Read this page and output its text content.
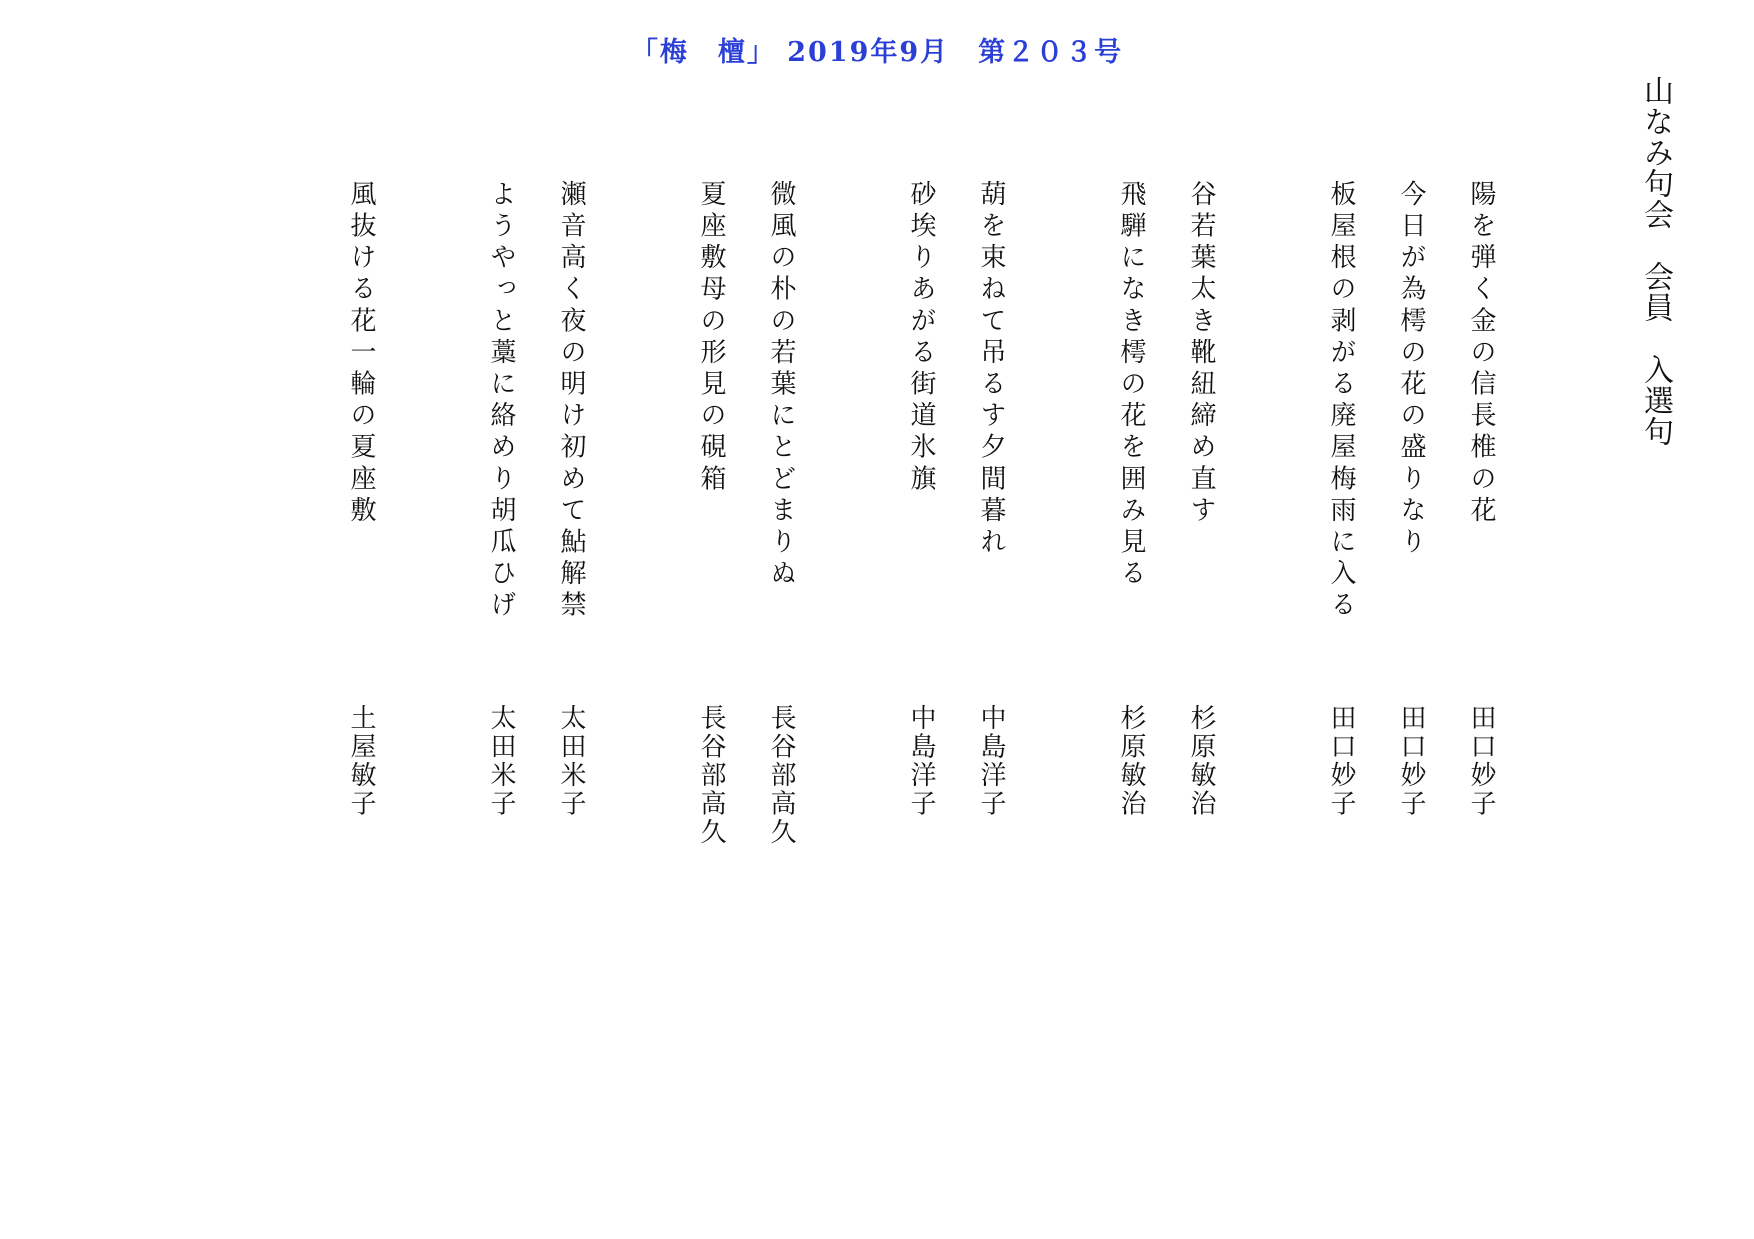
「梅　檀」 2019年9月　第２０３号
山なみ句会　会員　入選句
陽を弾く金の信長椎の花
田口妙子
今日が為樗の花の盛りなり
田口妙子
板屋根の剥がる廃屋梅雨に入る
田口妙子
谷若葉太き靴紐締め直す
杉原敏治
飛騨になき樗の花を囲み見る
杉原敏治
葫を束ねて吊るす夕間暮れ
中島洋子
砂埃りあがる街道氷旗
中島洋子
微風の朴の若葉にとどまりぬ
長谷部高久
夏座敷母の形見の硯箱
長谷部高久
瀬音高く夜の明け初めて鮎解禁
太田米子
ようやっと藁に絡めり胡瓜ひげ
太田米子
風抜ける花一輪の夏座敷
土屋敏子
